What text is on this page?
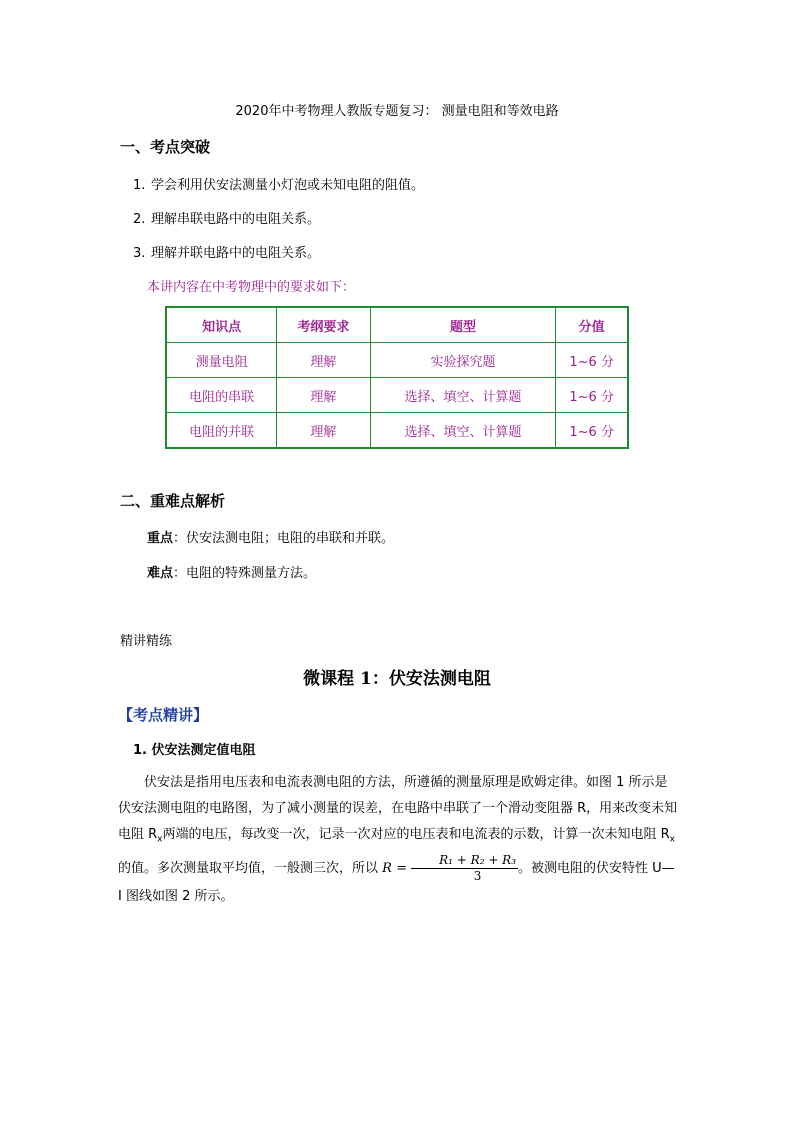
2020年中考物理人教版专题复习： 测量电阻和等效电路
一、考点突破
1. 学会利用伏安法测量小灯泡或未知电阻的阻值。
2. 理解串联电路中的电阻关系。
3. 理解并联电路中的电阻关系。
本讲内容在中考物理中的要求如下：
知识点	考纲要求	题型	分值
测量电阻	理解	实验探究题	1~6 分
电阻的串联	理解	选择、填空、计算题	1~6 分
电阻的并联	理解	选择、填空、计算题	1~6 分
二、重难点解析
重点：伏安法测电阻；电阻的串联和并联。
难点：电阻的特殊测量方法。
精讲精练
微课程 1：伏安法测电阻
【考点精讲】
1. 伏安法测定值电阻
伏安法是指用电压表和电流表测电阻的方法，所遵循的测量原理是欧姆定律。如图 1 所示是伏安法测电阻的电路图，为了减小测量的误差，在电路中串联了一个滑动变阻器 R，用来改变未知电阻 $R_x$两端的电压，每改变一次，记录一次对应的电压表和电流表的示数，计算一次未知电阻 $R_x$的值。多次测量取平均值，一般测三次，所以 $R = \frac{\text{R₁ + R₂ + R₃}}{3}$ 。被测电阻的伏安特性 U—I 图线如图 2 所示。
